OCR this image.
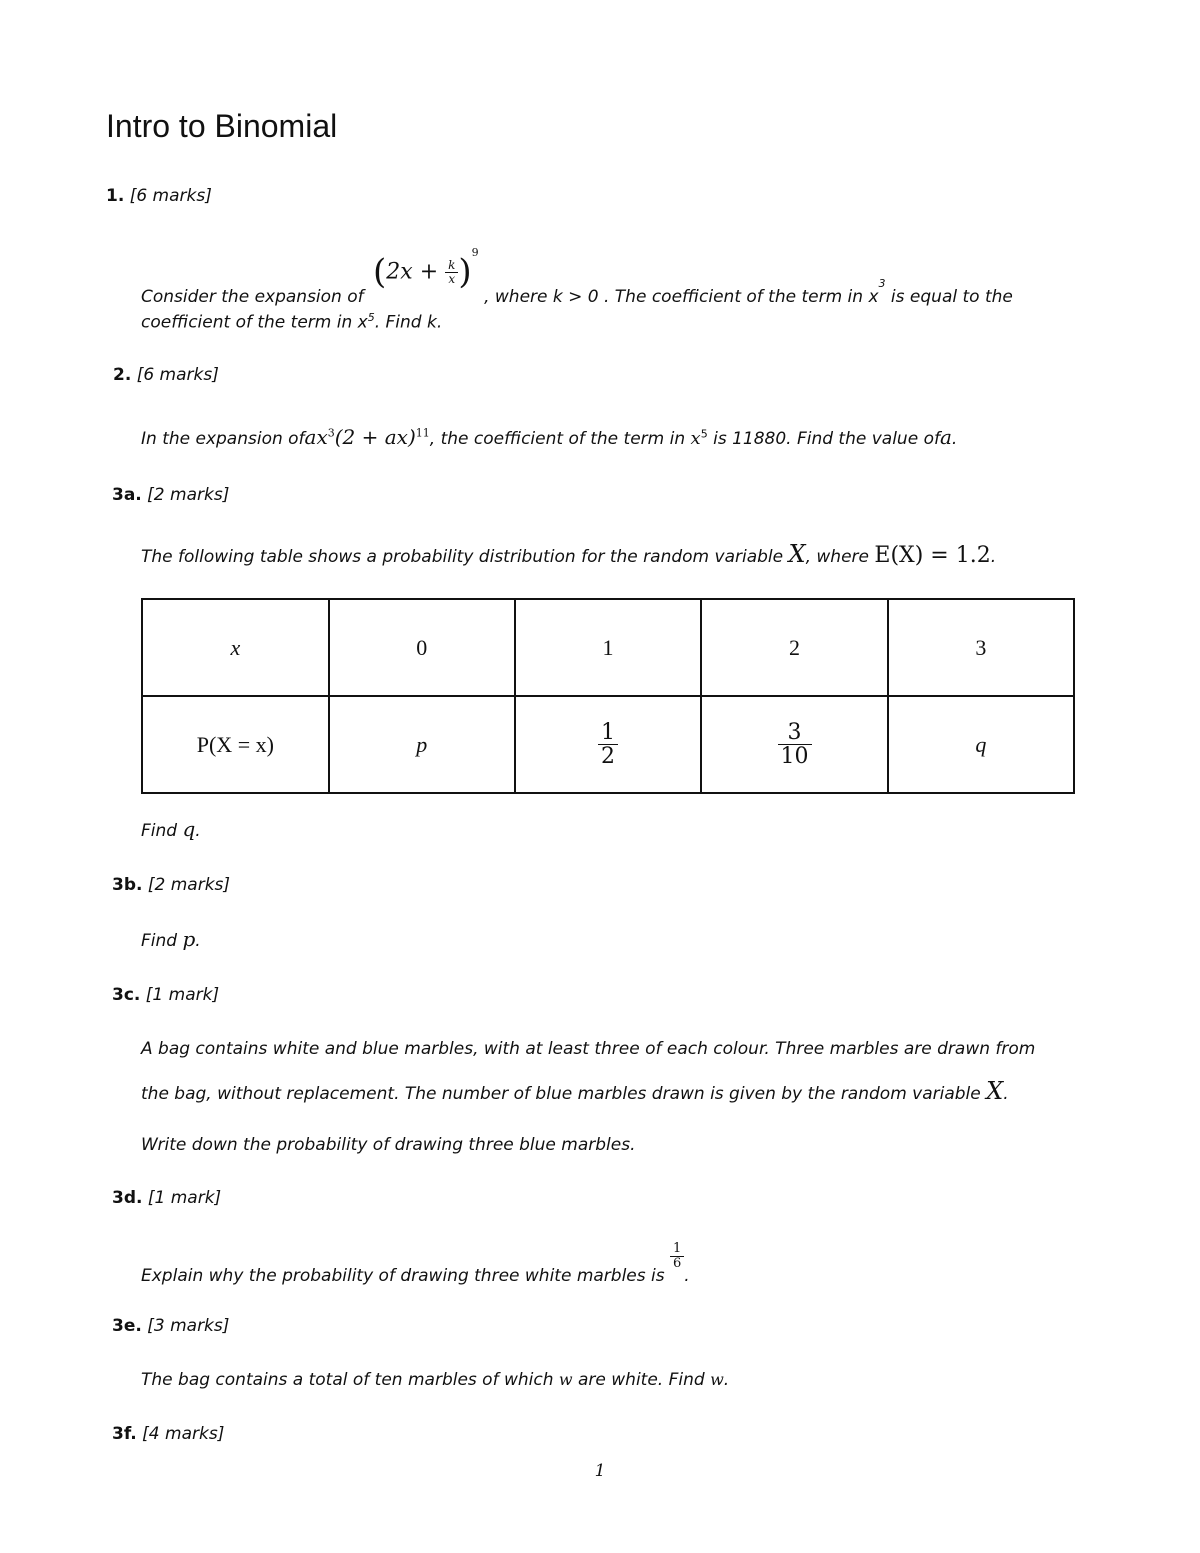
Intro to Binomial
1. [6 marks]
Consider the expansion of $(2x + \frac{k}{x} )^9$ , where k > 0 . The coefficient of the term in $x^3$ is equal to the
coefficient of the term in $x^5$. Find k.
2. [6 marks]
In the expansion ofax$^3$(2 + ax)$^{11}$, the coefficient of the term in $x^5$ is 11880. Find the value ofa.
3a. [2 marks]
The following table shows a probability distribution for the random variable X, where E(X) = 1.2.
x	0	1	2	3
P(X = x)	p	$\frac{1}{2}$	$\frac{3}{10}$	q
Find q.
3b. [2 marks]
Find p.
3c. [1 mark]
A bag contains white and blue marbles, with at least three of each colour. Three marbles are drawn from
the bag, without replacement. The number of blue marbles drawn is given by the random variable X.
Write down the probability of drawing three blue marbles.
3d. [1 mark]
Explain why the probability of drawing three white marbles is
$\frac{1}{6}$
.
3e. [3 marks]
The bag contains a total of ten marbles of which w are white. Find w.
3f. [4 marks]
1
